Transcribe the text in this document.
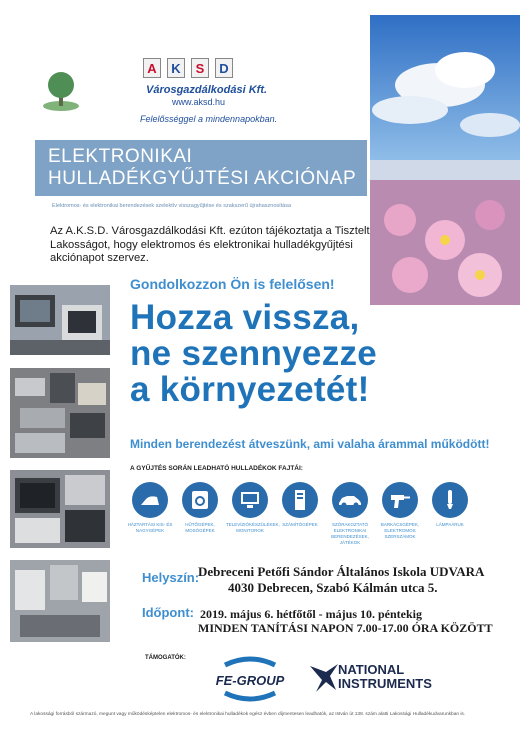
A	K	S	D
Városgazdálkodási Kft.
www.aksd.hu
Felelősséggel a mindennapokban.
ELEKTRONIKAI
HULLADÉKGYŰJTÉSI AKCIÓNAP
Elektromos- és elektronikai berendezések szelektív visszagyűjtése és szakszerű újrahasznosítása
Az A.K.S.D. Városgazdálkodási Kft. ezúton tájékoztatja a Tisztelt Lakosságot, hogy elektromos és elektronikai hulladékgyűjtési akciónapot szervez.
Gondolkozzon Ön is felelősen!
Hozza vissza,
ne szennyezze
a környezetét!
Minden berendezést átveszünk, ami valaha árammal működött!
A GYŰJTÉS SORÁN LEADHATÓ HULLADÉKOK FAJTÁI:
HÁZTARTÁSI KIS- ÉS NAGYGÉPEK
HŰTŐGÉPEK, MOSÓGÉPEK
TELEVÍZIÓKÉSZÜLÉKEK, MONITOROK
SZÁMÍTÓGÉPEK	SZÓRAKOZTATÓ ELEKTRONIKAI BERENDEZÉSEK, JÁTÉKOK
BARKÁCSGÉPEK, ELEKTROMOS SZERSZÁMOK
LÁMPAÁRUK
Helyszín:
Debreceni Petőfi Sándor Általános Iskola UDVARA
4030 Debrecen, Szabó Kálmán utca 5.
Időpont: 2019. május 6. hétfőtől - május 10. péntekig
MINDEN TANÍTÁSI NAPON 7.00-17.00 ÓRA KÖZÖTT
TÁMOGATÓK:
FE-GROUP
NATIONAL
INSTRUMENTS
A lakossági forrásból származó, megunt vagy működésképtelen elektromos- és elektronikai hulladékok egész évben díjmentesen leadhatók, az István út 138. szám alatti Lakossági Hulladékudvarunkban is.
